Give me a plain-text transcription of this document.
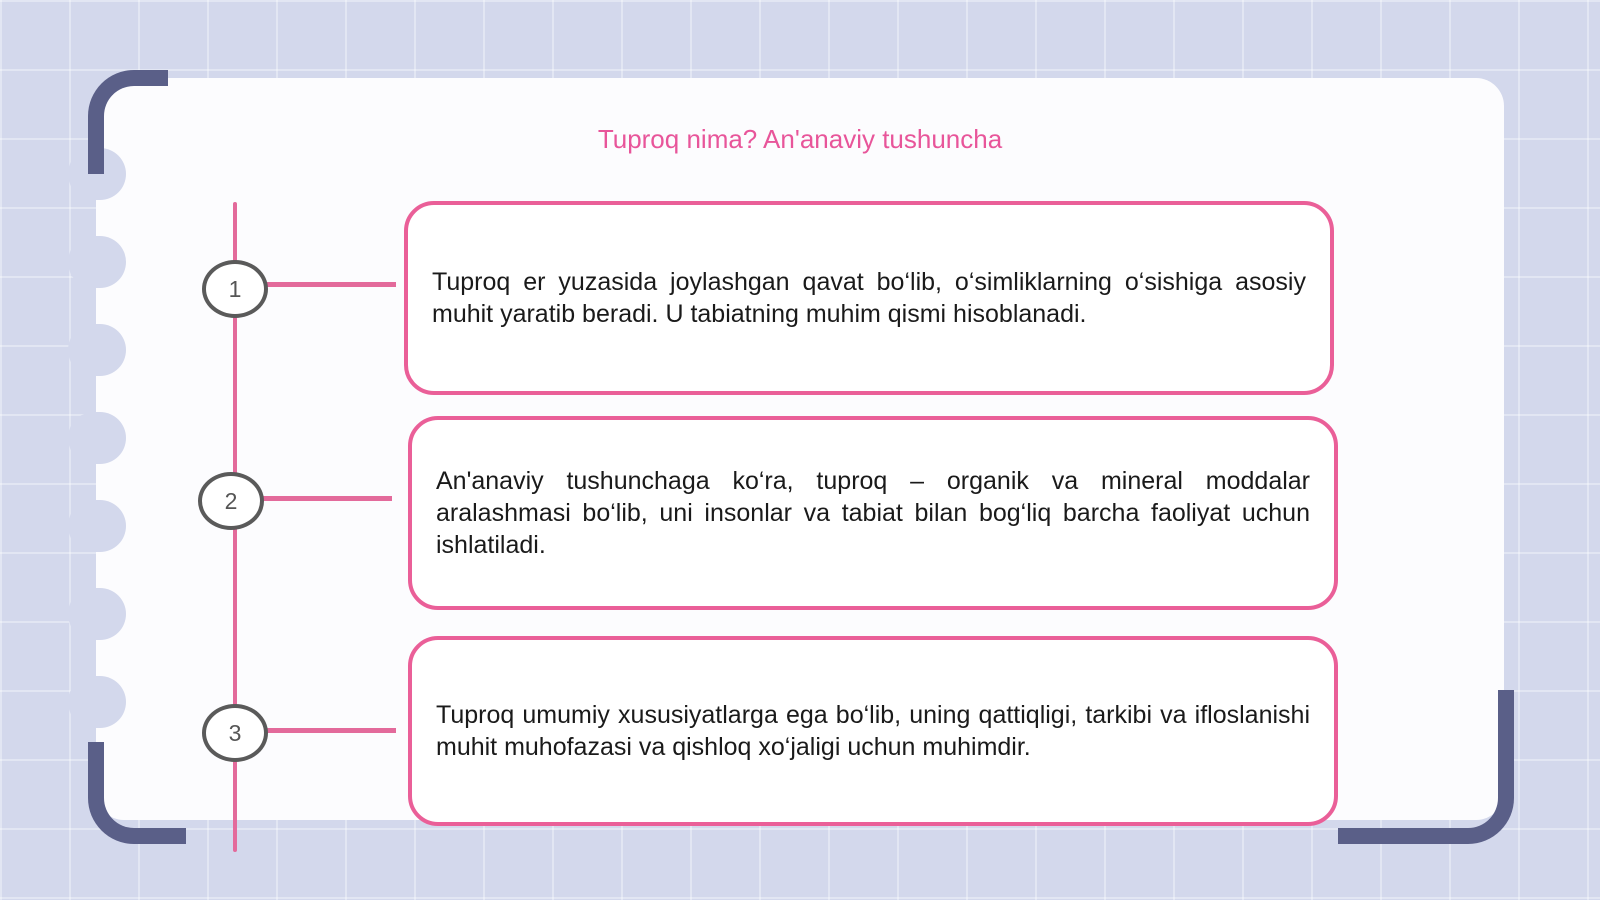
Tuproq nima? An'anaviy tushuncha
1
2
3

Tuproq er yuzasida joylashgan qavat bo‘lib, o‘simliklarning o‘sishiga asosiy muhit yaratib beradi. U tabiatning muhim qismi hisoblanadi.

An'anaviy tushunchaga ko‘ra, tuproq – organik va mineral moddalar aralashmasi bo‘lib, uni insonlar va tabiat bilan bog‘liq barcha faoliyat uchun ishlatiladi.

Tuproq umumiy xususiyatlarga ega bo‘lib, uning qattiqligi, tarkibi va ifloslanishi muhit muhofazasi va qishloq xo‘jaligi uchun muhimdir.
